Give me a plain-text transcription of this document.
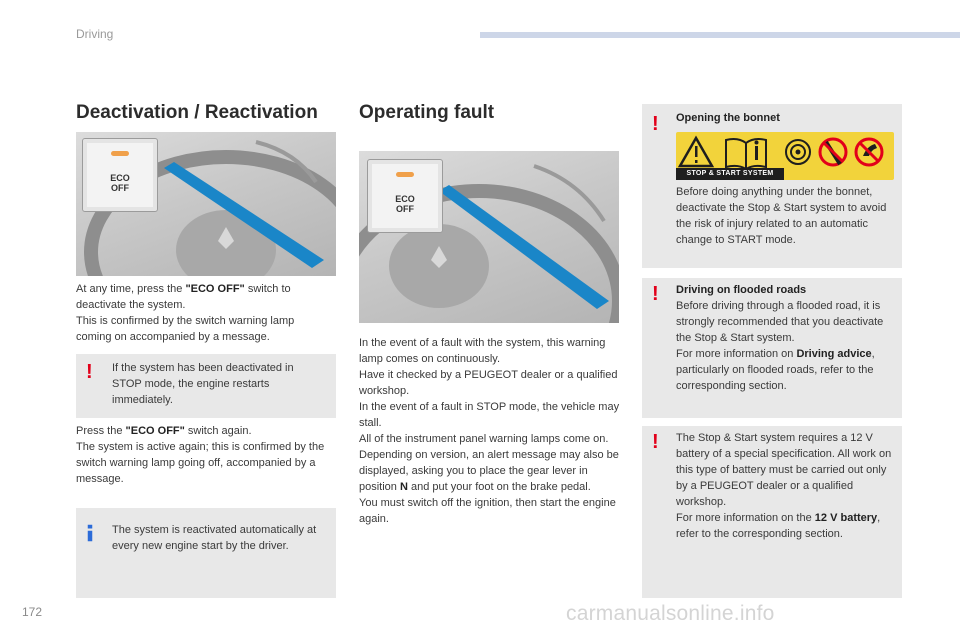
Driving
Deactivation / Reactivation
ECO
OFF

At any time, press the "ECO OFF" switch to deactivate the system.

This is confirmed by the switch warning lamp coming on accompanied by a message.

! If the system has been deactivated in STOP mode, the engine restarts immediately.

Press the "ECO OFF" switch again.

The system is active again; this is confirmed by the switch warning lamp going off, accompanied by a message.

The system is reactivated automatically at every new engine start by the driver.
Operating fault
ECO
OFF

In the event of a fault with the system, this warning lamp comes on continuously.

Have it checked by a PEUGEOT dealer or a qualified workshop.

In the event of a fault in STOP mode, the vehicle may stall.

All of the instrument panel warning lamps come on.

Depending on version, an alert message may also be displayed, asking you to place the gear lever in position N and put your foot on the brake pedal.

You must switch off the ignition, then start the engine again.

! Opening the bonnet
STOP & START SYSTEM
Before doing anything under the bonnet, deactivate the Stop & Start system to avoid the risk of injury related to an automatic change to START mode.
! Driving on flooded roads
Before driving through a flooded road, it is strongly recommended that you deactivate the Stop & Start system.
For more information on Driving advice, particularly on flooded roads, refer to the corresponding section.
! The Stop & Start system requires a 12 V battery of a special specification. All work on this type of battery must be carried out only by a PEUGEOT dealer or a qualified workshop.
For more information on the 12 V battery, refer to the corresponding section.
172	carmanualsonline.info
